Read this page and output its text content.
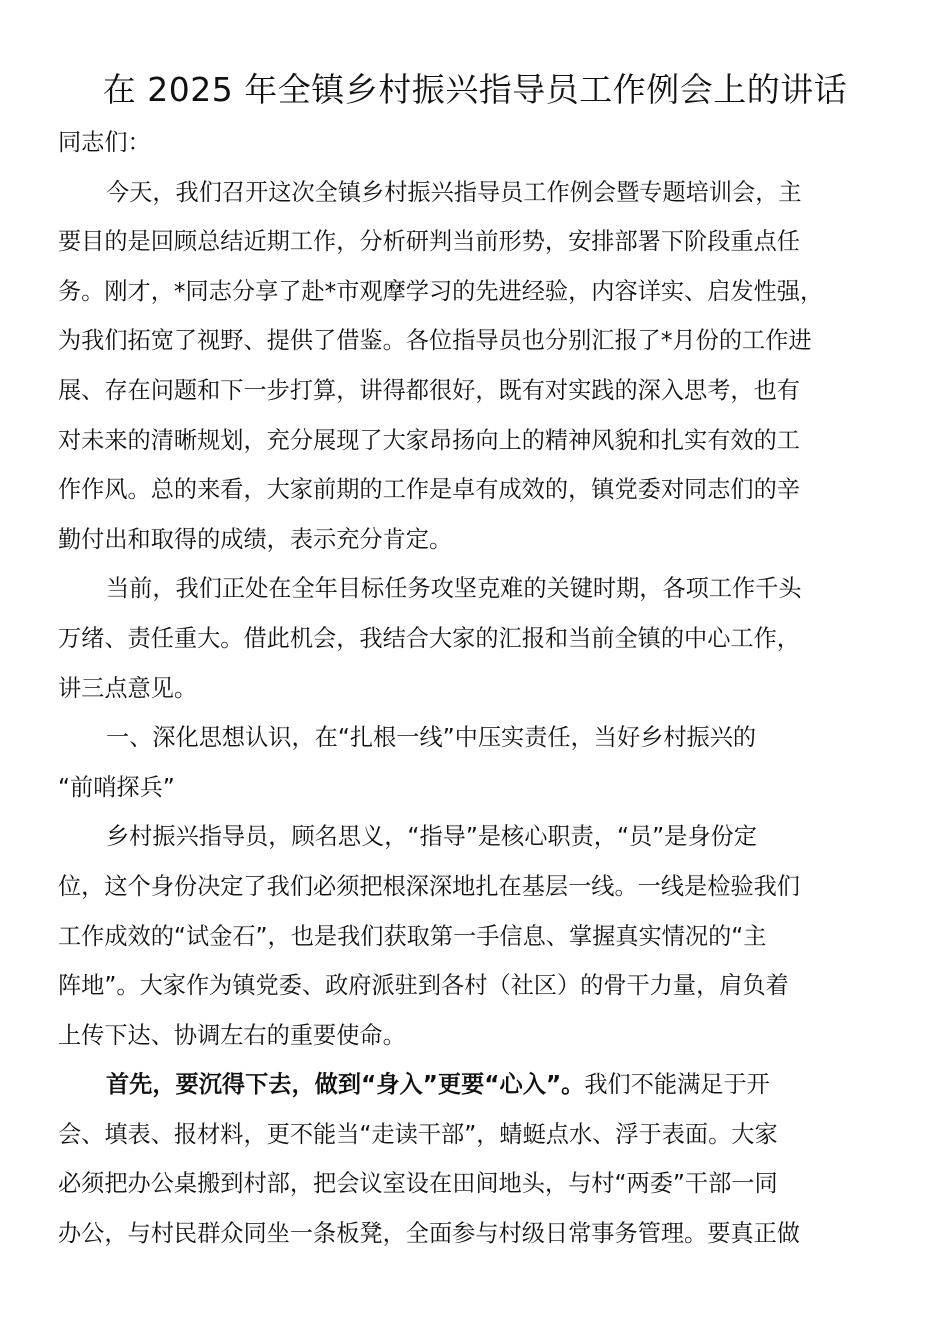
在 2025 年全镇乡村振兴指导员工作例会上的讲话
同志们：
今天，我们召开这次全镇乡村振兴指导员工作例会暨专题培训会，主
要目的是回顾总结近期工作，分析研判当前形势，安排部署下阶段重点任
务。刚才，*同志分享了赴*市观摩学习的先进经验，内容详实、启发性强，
为我们拓宽了视野、提供了借鉴。各位指导员也分别汇报了*月份的工作进
展、存在问题和下一步打算，讲得都很好，既有对实践的深入思考，也有
对未来的清晰规划，充分展现了大家昂扬向上的精神风貌和扎实有效的工
作作风。总的来看，大家前期的工作是卓有成效的，镇党委对同志们的辛
勤付出和取得的成绩，表示充分肯定。
当前，我们正处在全年目标任务攻坚克难的关键时期，各项工作千头
万绪、责任重大。借此机会，我结合大家的汇报和当前全镇的中心工作，
讲三点意见。
一、深化思想认识，在“扎根一线”中压实责任，当好乡村振兴的
“前哨探兵”
乡村振兴指导员，顾名思义，“指导”是核心职责，“员”是身份定
位，这个身份决定了我们必须把根深深地扎在基层一线。一线是检验我们
工作成效的“试金石”，也是我们获取第一手信息、掌握真实情况的“主
阵地”。大家作为镇党委、政府派驻到各村（社区）的骨干力量，肩负着
上传下达、协调左右的重要使命。
首先，要沉得下去，做到“身入”更要“心入”。我们不能满足于开
会、填表、报材料，更不能当“走读干部”，蜻蜓点水、浮于表面。大家
必须把办公桌搬到村部，把会议室设在田间地头，与村“两委”干部一同
办公，与村民群众同坐一条板凳，全面参与村级日常事务管理。要真正做
